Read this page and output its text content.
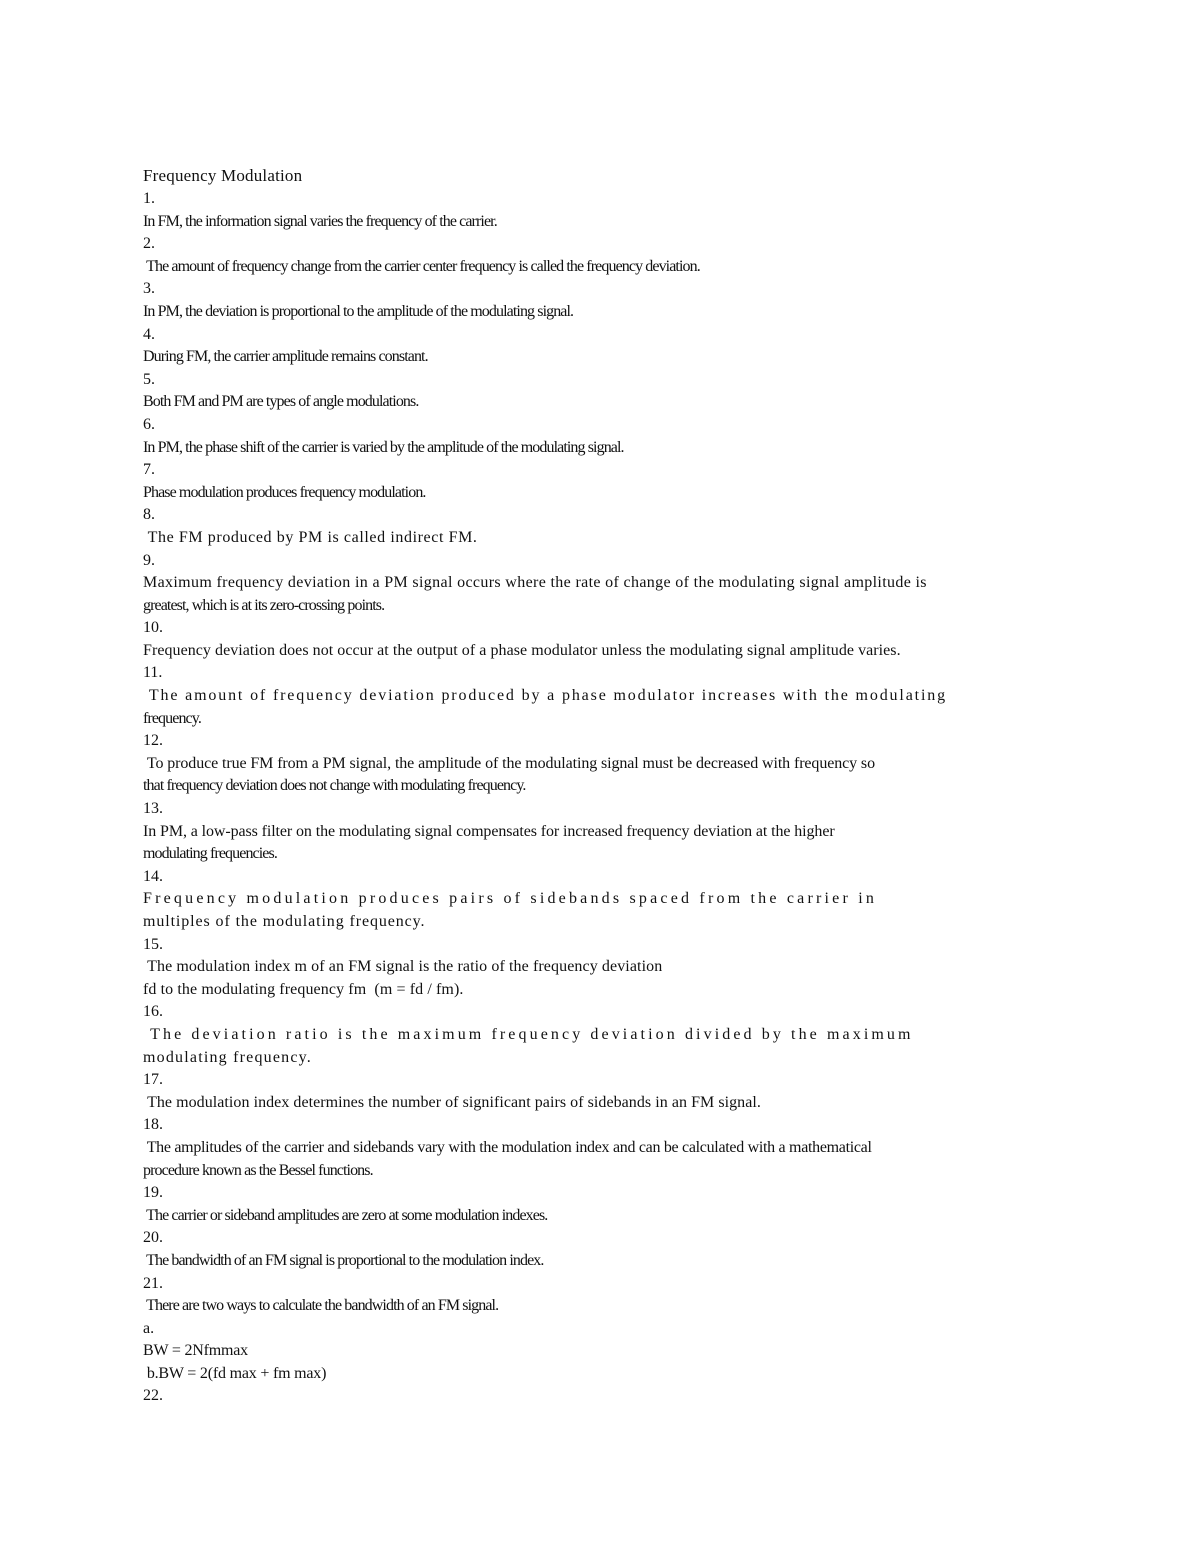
Frequency Modulation
1.
In FM, the information signal varies the frequency of the carrier.
2.
The amount of frequency change from the carrier center frequency is called the frequency deviation.
3.
In PM, the deviation is proportional to the amplitude of the modulating signal.
4.
During FM, the carrier amplitude remains constant.
5.
Both FM and PM are types of angle modulations.
6.
In PM, the phase shift of the carrier is varied by the amplitude of the modulating signal.
7.
Phase modulation produces frequency modulation.
8.
The FM produced by PM is called indirect FM.
9.
Maximum frequency deviation in a PM signal occurs where the rate of change of the modulating signal amplitude is
greatest, which is at its zero-crossing points.
10.
Frequency deviation does not occur at the output of a phase modulator unless the modulating signal amplitude varies.
11.
The amount of frequency deviation produced by a phase modulator increases with the modulating
frequency.
12.
To produce true FM from a PM signal, the amplitude of the modulating signal must be decreased with frequency so
that frequency deviation does not change with modulating frequency.
13.
In PM, a low-pass filter on the modulating signal compensates for increased frequency deviation at the higher
modulating frequencies.
14.
Frequency modulation produces pairs of sidebands spaced from the carrier in
multiples of the modulating frequency.
15.
The modulation index m of an FM signal is the ratio of the frequency deviation
fd to the modulating frequency fm  (m = fd / fm).
16.
The deviation ratio is the maximum frequency deviation divided by the maximum
modulating frequency.
17.
The modulation index determines the number of significant pairs of sidebands in an FM signal.
18.
The amplitudes of the carrier and sidebands vary with the modulation index and can be calculated with a mathematical
procedure known as the Bessel functions.
19.
The carrier or sideband amplitudes are zero at some modulation indexes.
20.
The bandwidth of an FM signal is proportional to the modulation index.
21.
There are two ways to calculate the bandwidth of an FM signal.
a.
BW = 2Nfmmax
b.BW = 2(fd max + fm max)
22.
